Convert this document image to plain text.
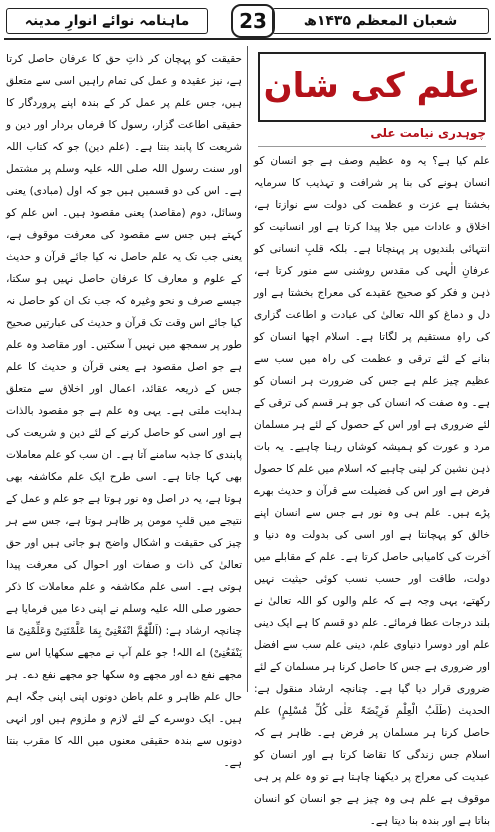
ماہنامہ نوائے انوارِ مدینہ	23	شعبان المعظم ۱۴۳۵ھ
علم کی شان
چوہدری نیامت علی

علم کیا ہے؟ یہ وہ عظیم وصف ہے جو انسان کو انسان ہونے کی بنا پر شرافت و تہذیب کا سرمایہ بخشتا ہے عزت و عظمت کی دولت سے نوازتا ہے، اخلاق و عادات میں جلا پیدا کرتا ہے اور انسانیت کو انتہائی بلندیوں پر پہنچاتا ہے۔ بلکہ قلبِ انسانی کو عرفانِ الٰہی کی مقدس روشنی سے منور کرتا ہے، ذہن و فکر کو صحیح عقیدے کی معراج بخشتا ہے اور دل و دماغ کو اللہ تعالیٰ کی عبادت و اطاعت گزاری کی راہِ مستقیم پر لگاتا ہے۔ اسلام اچھا انسان کو بنانے کے لئے ترقی و عظمت کی راہ میں سب سے عظیم چیز علم ہے جس کی ضرورت ہر انسان کو ہے۔ وہ صفت کہ انسان کی جو ہر قسم کی ترقی کے لئے ضروری ہے اور اس کے حصول کے لئے ہر مسلمان مرد و عورت کو ہمیشہ کوشاں رہنا چاہیے۔ یہ بات ذہن نشین کر لینی چاہیے کہ اسلام میں علم کا حصول فرض ہے اور اس کی فضیلت سے قرآن و حدیث بھرے پڑے ہیں۔ علم ہی وہ نور ہے جس سے انسان اپنے خالق کو پہچانتا ہے اور اسی کی بدولت وہ دنیا و آخرت کی کامیابی حاصل کرتا ہے۔ علم کے مقابلے میں دولت، طاقت اور حسب نسب کوئی حیثیت نہیں رکھتے، یہی وجہ ہے کہ علم والوں کو اللہ تعالیٰ نے بلند درجات عطا فرمائے۔ علم دو قسم کا ہے ایک دینی علم اور دوسرا دنیاوی علم، دینی علم سب سے افضل اور ضروری ہے جس کا حاصل کرنا ہر مسلمان کے لئے ضروری قرار دیا گیا ہے۔ چنانچہ ارشاد منقول ہے: الحدیث (طَلَبُ الْعِلْمِ فَرِیْضَۃٌ عَلٰی کُلِّ مُسْلِمٍ) علم حاصل کرنا ہر مسلمان پر فرض ہے۔ ظاہر ہے کہ اسلام جس زندگی کا تقاضا کرتا ہے اور انسان کو عبدیت کی معراج پر دیکھنا چاہتا ہے تو وہ علم پر ہی موقوف ہے علم ہی وہ چیز ہے جو انسان کو انسان بناتا ہے اور بندہ بنا دیتا ہے۔

حقیقت کو پہچان کر ذاتِ حق کا عرفان حاصل کرتا ہے، نیز عقیدہ و عمل کی تمام راہیں اسی سے متعلق ہیں، جس علم پر عمل کر کے بندہ اپنے پروردگار کا حقیقی اطاعت گزار، رسول کا فرماں بردار اور دین و شریعت کا پابند بنتا ہے۔ (علم دین) جو کہ کتاب اللہ اور سنت رسول اللہ صلی اللہ علیہ وسلم پر مشتمل ہے۔ اس کی دو قسمیں ہیں جو کہ اول (مبادی) یعنی وسائل، دوم (مقاصد) یعنی مقصود ہیں۔ اس علم کو کہتے ہیں جس سے مقصود کی معرفت موقوف ہے، یعنی جب تک یہ علم حاصل نہ کیا جائے قرآن و حدیث کے علوم و معارف کا عرفان حاصل نہیں ہو سکتا، جیسے صرف و نحو وغیرہ کہ جب تک ان کو حاصل نہ کیا جائے اس وقت تک قرآن و حدیث کی عبارتیں صحیح طور پر سمجھ میں نہیں آ سکتیں۔ اور مقاصد وہ علم ہے جو اصل مقصود ہے یعنی قرآن و حدیث کا علم جس کے ذریعہ عقائد، اعمال اور اخلاق سے متعلق ہدایت ملتی ہے۔ یہی وہ علم ہے جو مقصود بالذات ہے اور اسی کو حاصل کرنے کے لئے دین و شریعت کی پابندی کا جذبہ سامنے آتا ہے۔ ان سب کو علم معاملات بھی کہا جاتا ہے۔ اسی طرح ایک علم مکاشفہ بھی ہوتا ہے، یہ در اصل وہ نور ہوتا ہے جو علم و عمل کے نتیجے میں قلبِ مومن پر ظاہر ہوتا ہے، جس سے ہر چیز کی حقیقت و اشکال واضح ہو جاتی ہیں اور حق تعالیٰ کی ذات و صفات اور احوال کی معرفت پیدا ہوتی ہے۔ اسی علم مکاشفہ و علم معاملات کا ذکر حضور صلی اللہ علیہ وسلم نے اپنی دعا میں فرمایا ہے چنانچہ ارشاد ہے: (اَللّٰھُمَّ انْفَعْنِیْ بِمَا عَلَّمْتَنِیْ وَعَلِّمْنِیْ مَا یَنْفَعُنِیْ) اے اللہ! جو علم آپ نے مجھے سکھایا اس سے مجھے نفع دے اور مجھے وہ سکھا جو مجھے نفع دے۔ ہر حال علم ظاہر و علم باطن دونوں اپنی اپنی جگہ اہم ہیں۔ ایک دوسرے کے لئے لازم و ملزوم ہیں اور انہی دونوں سے بندہ حقیقی معنوں میں اللہ کا مقرب بنتا ہے۔
